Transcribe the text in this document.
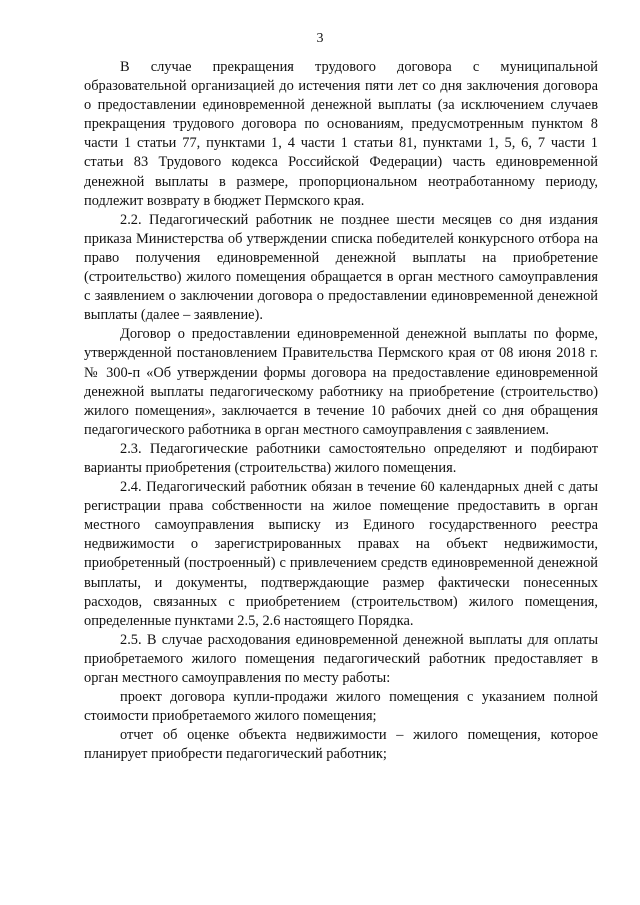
3

В случае прекращения трудового договора с муниципальной образовательной организацией до истечения пяти лет со дня заключения договора о предоставлении единовременной денежной выплаты (за исключением случаев прекращения трудового договора по основаниям, предусмотренным пунктом 8 части 1 статьи 77, пунктами 1, 4 части 1 статьи 81, пунктами 1, 5, 6, 7 части 1 статьи 83 Трудового кодекса Российской Федерации) часть единовременной денежной выплаты в размере, пропорциональном неотработанному периоду, подлежит возврату в бюджет Пермского края.

2.2. Педагогический работник не позднее шести месяцев со дня издания приказа Министерства об утверждении списка победителей конкурсного отбора на право получения единовременной денежной выплаты на приобретение (строительство) жилого помещения обращается в орган местного самоуправления с заявлением о заключении договора о предоставлении единовременной денежной выплаты (далее – заявление).

Договор о предоставлении единовременной денежной выплаты по форме, утвержденной постановлением Правительства Пермского края от 08 июня 2018 г. № 300-п «Об утверждении формы договора на предоставление единовременной денежной выплаты педагогическому работнику на приобретение (строительство) жилого помещения», заключается в течение 10 рабочих дней со дня обращения педагогического работника в орган местного самоуправления с заявлением.

2.3. Педагогические работники самостоятельно определяют и подбирают варианты приобретения (строительства) жилого помещения.

2.4. Педагогический работник обязан в течение 60 календарных дней с даты регистрации права собственности на жилое помещение предоставить в орган местного самоуправления выписку из Единого государственного реестра недвижимости о зарегистрированных правах на объект недвижимости, приобретенный (построенный) с привлечением средств единовременной денежной выплаты, и документы, подтверждающие размер фактически понесенных расходов, связанных с приобретением (строительством) жилого помещения, определенные пунктами 2.5, 2.6 настоящего Порядка.

2.5. В случае расходования единовременной денежной выплаты для оплаты приобретаемого жилого помещения педагогический работник предоставляет в орган местного самоуправления по месту работы:

проект договора купли-продажи жилого помещения с указанием полной стоимости приобретаемого жилого помещения;

отчет об оценке объекта недвижимости – жилого помещения, которое планирует приобрести педагогический работник;
